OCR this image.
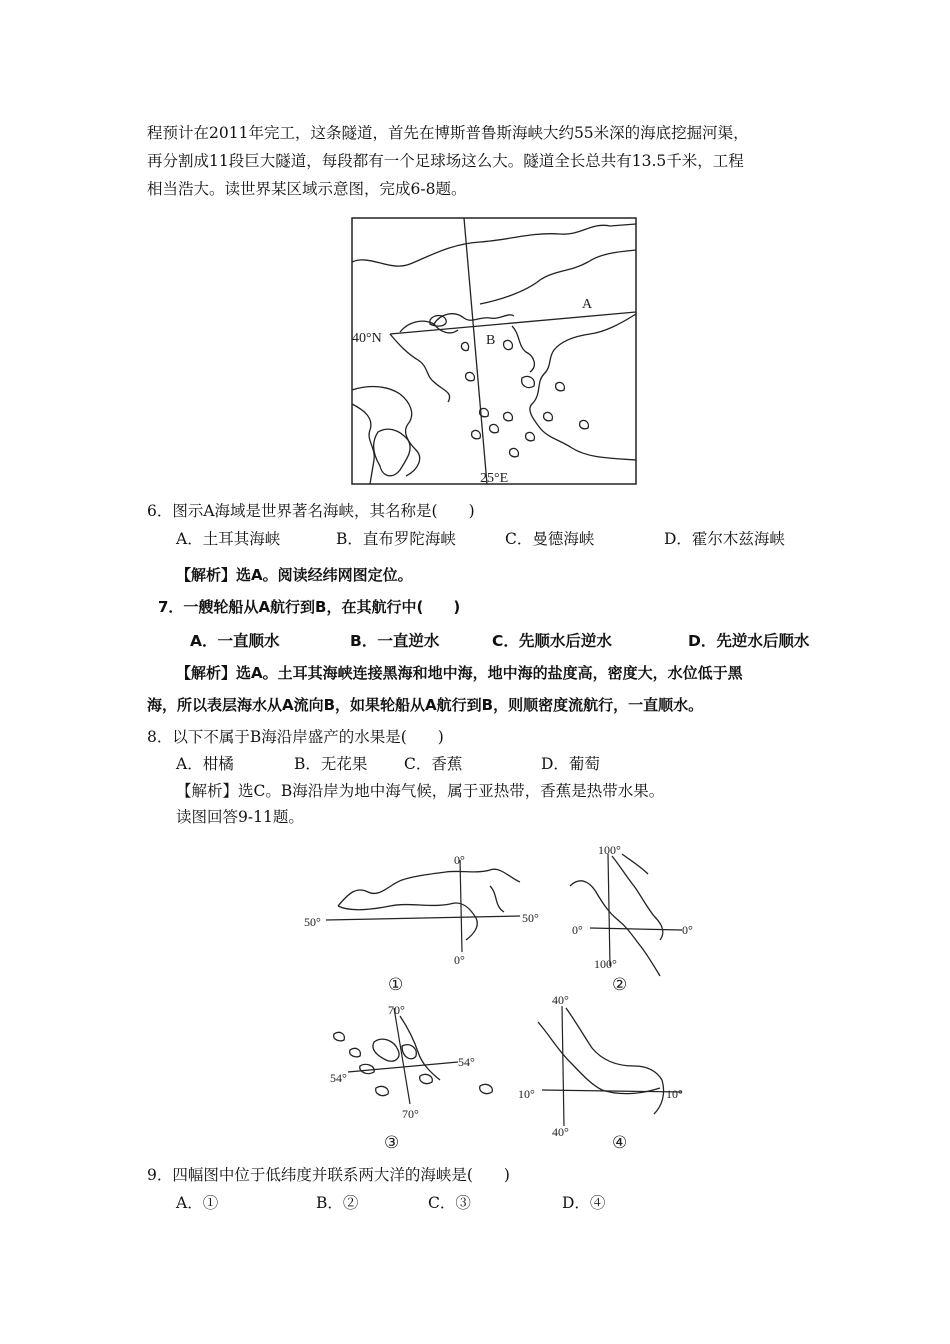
程预计在2011年完工，这条隧道，首先在博斯普鲁斯海峡大约55米深的海底挖掘河渠，
再分割成11段巨大隧道，每段都有一个足球场这么大。隧道全长总共有13.5千米，工程
相当浩大。读世界某区域示意图，完成6-8题。
A
B
40°N
25°E
6．图示A海域是世界著名海峡，其名称是(　　)
A．土耳其海峡	B．直布罗陀海峡	C．曼德海峡	D．霍尔木兹海峡
【解析】选A。阅读经纬网图定位。
7．一艘轮船从A航行到B，在其航行中(　　)
A．一直顺水	B．一直逆水	C．先顺水后逆水	D．先逆水后顺水
【解析】选A。土耳其海峡连接黑海和地中海，地中海的盐度高，密度大，水位低于黑
海，所以表层海水从A流向B，如果轮船从A航行到B，则顺密度流航行，一直顺水。
8．以下不属于B海沿岸盛产的水果是(　　)
A．柑橘	B．无花果 C．香蕉	D．葡萄
【解析】选C。B海沿岸为地中海气候，属于亚热带，香蕉是热带水果。
读图回答9-11题。
0°
0°
50°	50°
①
100°
100°
0°	0°
②
70°
70°
54°
54°
③
40°
40°
10°	10°
④
9．四幅图中位于低纬度并联系两大洋的海峡是(　　)
A．①	B．②	C．③	D．④
